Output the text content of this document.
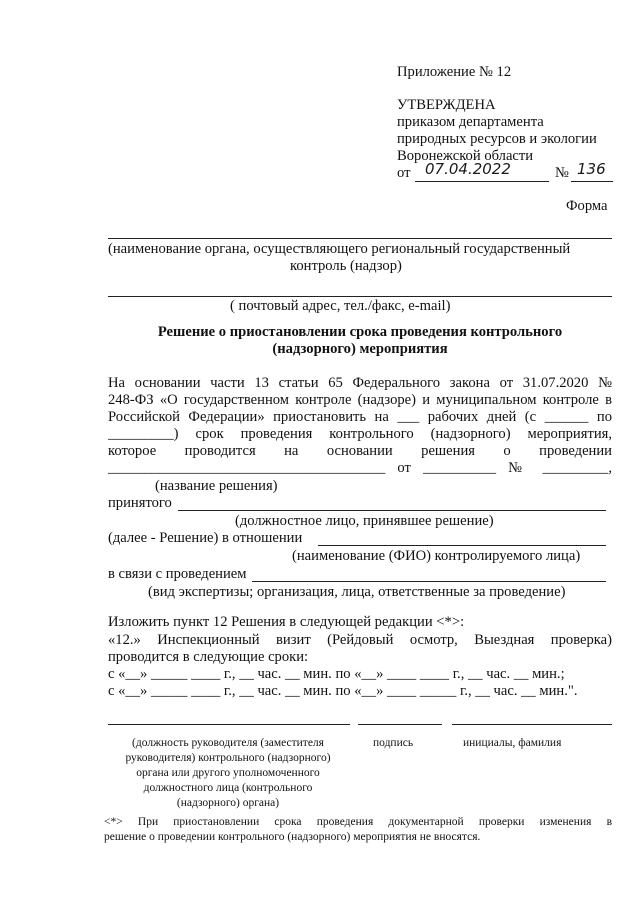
Приложение № 12
УТВЕРЖДЕНА
приказом департамента
природных ресурсов и экологии
Воронежской области
от 07.04.2022	№ 136
Форма
(наименование органа, осуществляющего региональный государственный
контроль (надзор)
( почтовый адрес, тел./факс, e-mail)
Решение о приостановлении срока проведения контрольного
(надзорного) мероприятия
На основании части 13 статьи 65 Федерального закона от 31.07.2020 №
248-ФЗ «О государственном контроле (надзоре) и муниципальном контроле в
Российской Федерации» приостановить на ___ рабочих дней (с ______ по
_________) срок проведения контрольного (надзорного) мероприятия,
которое проводится на основании решения о проведении
______________________________________ от __________ № _________,
(название решения)
принятого
(должностное лицо, принявшее решение)
(далее - Решение) в отношении
(наименование (ФИО) контролируемого лица)
в связи с проведением
(вид экспертизы; организация, лица, ответственные за проведение)
Изложить пункт 12 Решения в следующей редакции <*>:
«12.» Инспекционный визит (Рейдовый осмотр, Выездная проверка)
проводится в следующие сроки:
с «__» _____ ____ г., __ час. __ мин. по «__» ____ ____ г., __ час. __ мин.;
с «__» _____ ____ г., __ час. __ мин. по «__» ____ _____ г., __ час. __ мин.".
(должность руководителя (заместителя
руководителя) контрольного (надзорного)
органа или другого уполномоченного
должностного лица (контрольного
(надзорного) органа)
подпись	инициалы, фамилия
<*> При приостановлении срока проведения документарной проверки изменения в
решение о проведении контрольного (надзорного) мероприятия не вносятся.
